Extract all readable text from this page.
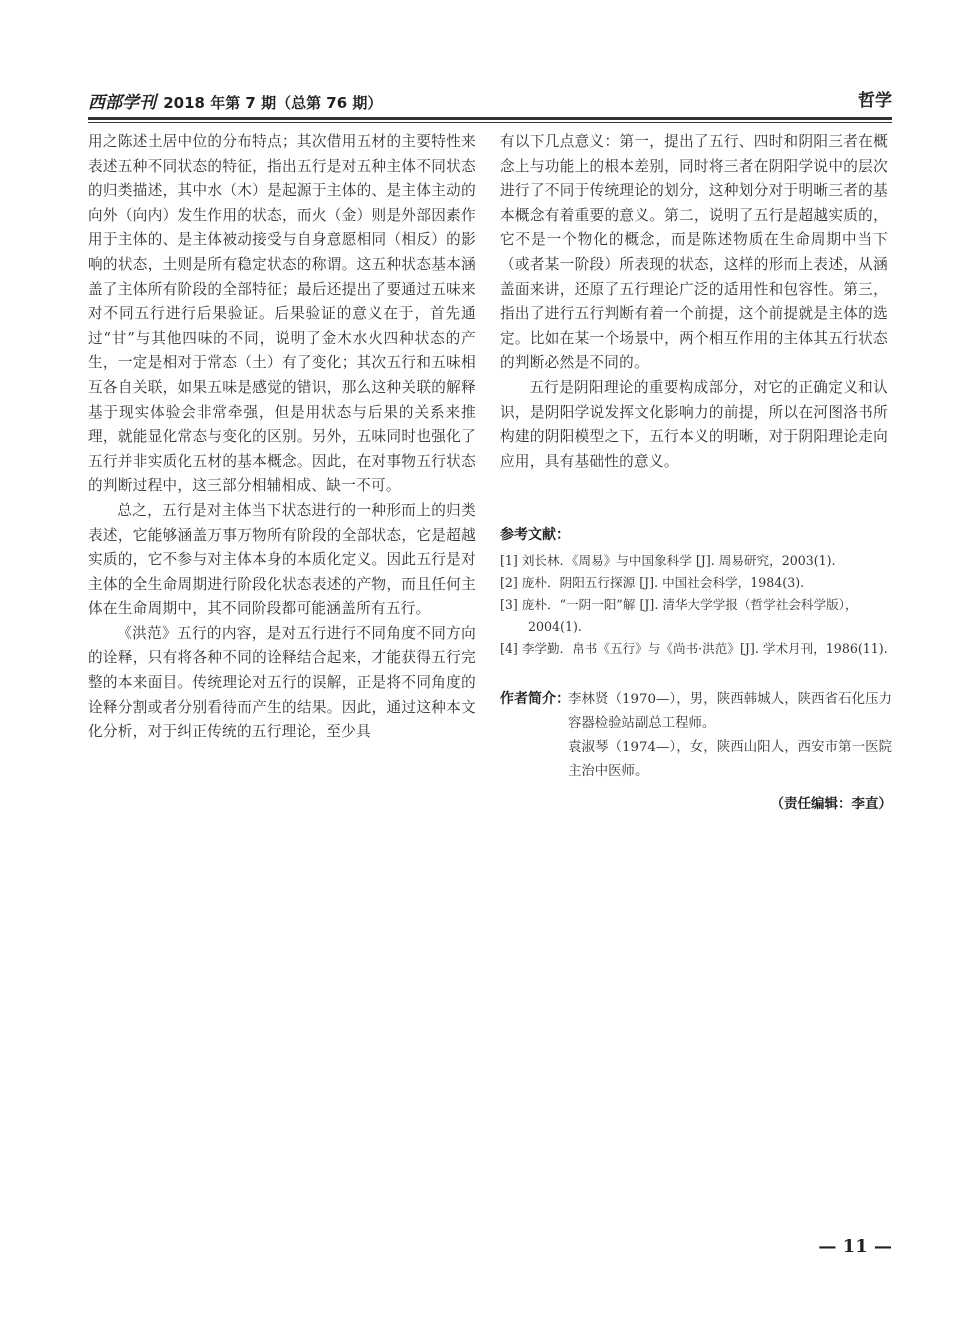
西部学刊 2018 年第 7 期（总第 76 期）	哲学

用之陈述土居中位的分布特点；其次借用五材的主要特性来表述五种不同状态的特征，指出五行是对五种主体不同状态的归类描述，其中水（木）是起源于主体的、是主体主动的向外（向内）发生作用的状态，而火（金）则是外部因素作用于主体的、是主体被动接受与自身意愿相同（相反）的影响的状态，土则是所有稳定状态的称谓。这五种状态基本涵盖了主体所有阶段的全部特征；最后还提出了要通过五味来对不同五行进行后果验证。后果验证的意义在于，首先通过“甘”与其他四味的不同，说明了金木水火四种状态的产生，一定是相对于常态（土）有了变化；其次五行和五味相互各自关联，如果五味是感觉的错识，那么这种关联的解释基于现实体验会非常牵强，但是用状态与后果的关系来推理，就能显化常态与变化的区别。另外，五味同时也强化了五行并非实质化五材的基本概念。因此，在对事物五行状态的判断过程中，这三部分相辅相成、缺一不可。

总之，五行是对主体当下状态进行的一种形而上的归类表述，它能够涵盖万事万物所有阶段的全部状态，它是超越实质的，它不参与对主体本身的本质化定义。因此五行是对主体的全生命周期进行阶段化状态表述的产物，而且任何主体在生命周期中，其不同阶段都可能涵盖所有五行。

《洪范》五行的内容，是对五行进行不同角度不同方向的诠释，只有将各种不同的诠释结合起来，才能获得五行完整的本来面目。传统理论对五行的误解，正是将不同角度的诠释分割或者分别看待而产生的结果。因此，通过这种本文化分析，对于纠正传统的五行理论，至少具

有以下几点意义：第一，提出了五行、四时和阴阳三者在概念上与功能上的根本差别，同时将三者在阴阳学说中的层次进行了不同于传统理论的划分，这种划分对于明晰三者的基本概念有着重要的意义。第二，说明了五行是超越实质的，它不是一个物化的概念，而是陈述物质在生命周期中当下（或者某一阶段）所表现的状态，这样的形而上表述，从涵盖面来讲，还原了五行理论广泛的适用性和包容性。第三，指出了进行五行判断有着一个前提，这个前提就是主体的选定。比如在某一个场景中，两个相互作用的主体其五行状态的判断必然是不同的。

五行是阴阳理论的重要构成部分，对它的正确定义和认识，是阴阳学说发挥文化影响力的前提，所以在河图洛书所构建的阴阳模型之下，五行本义的明晰，对于阴阳理论走向应用，具有基础性的意义。

参考文献：

[1] 刘长林．《周易》与中国象科学 [J]. 周易研究，2003(1).

[2] 庞朴．阴阳五行探源 [J]. 中国社会科学，1984(3).

[3] 庞朴．“一阴一阳”解 [J]. 清华大学学报（哲学社会科学版），2004(1).

[4] 李学勤．帛书《五行》与《尚书·洪范》[J]. 学术月刊，1986(11).

作者简介：

李林贤（1970—），男，陕西韩城人，陕西省石化压力容器检验站副总工程师。

袁淑琴（1974—），女，陕西山阳人，西安市第一医院主治中医师。

（责任编辑：李直）
— 11 —
